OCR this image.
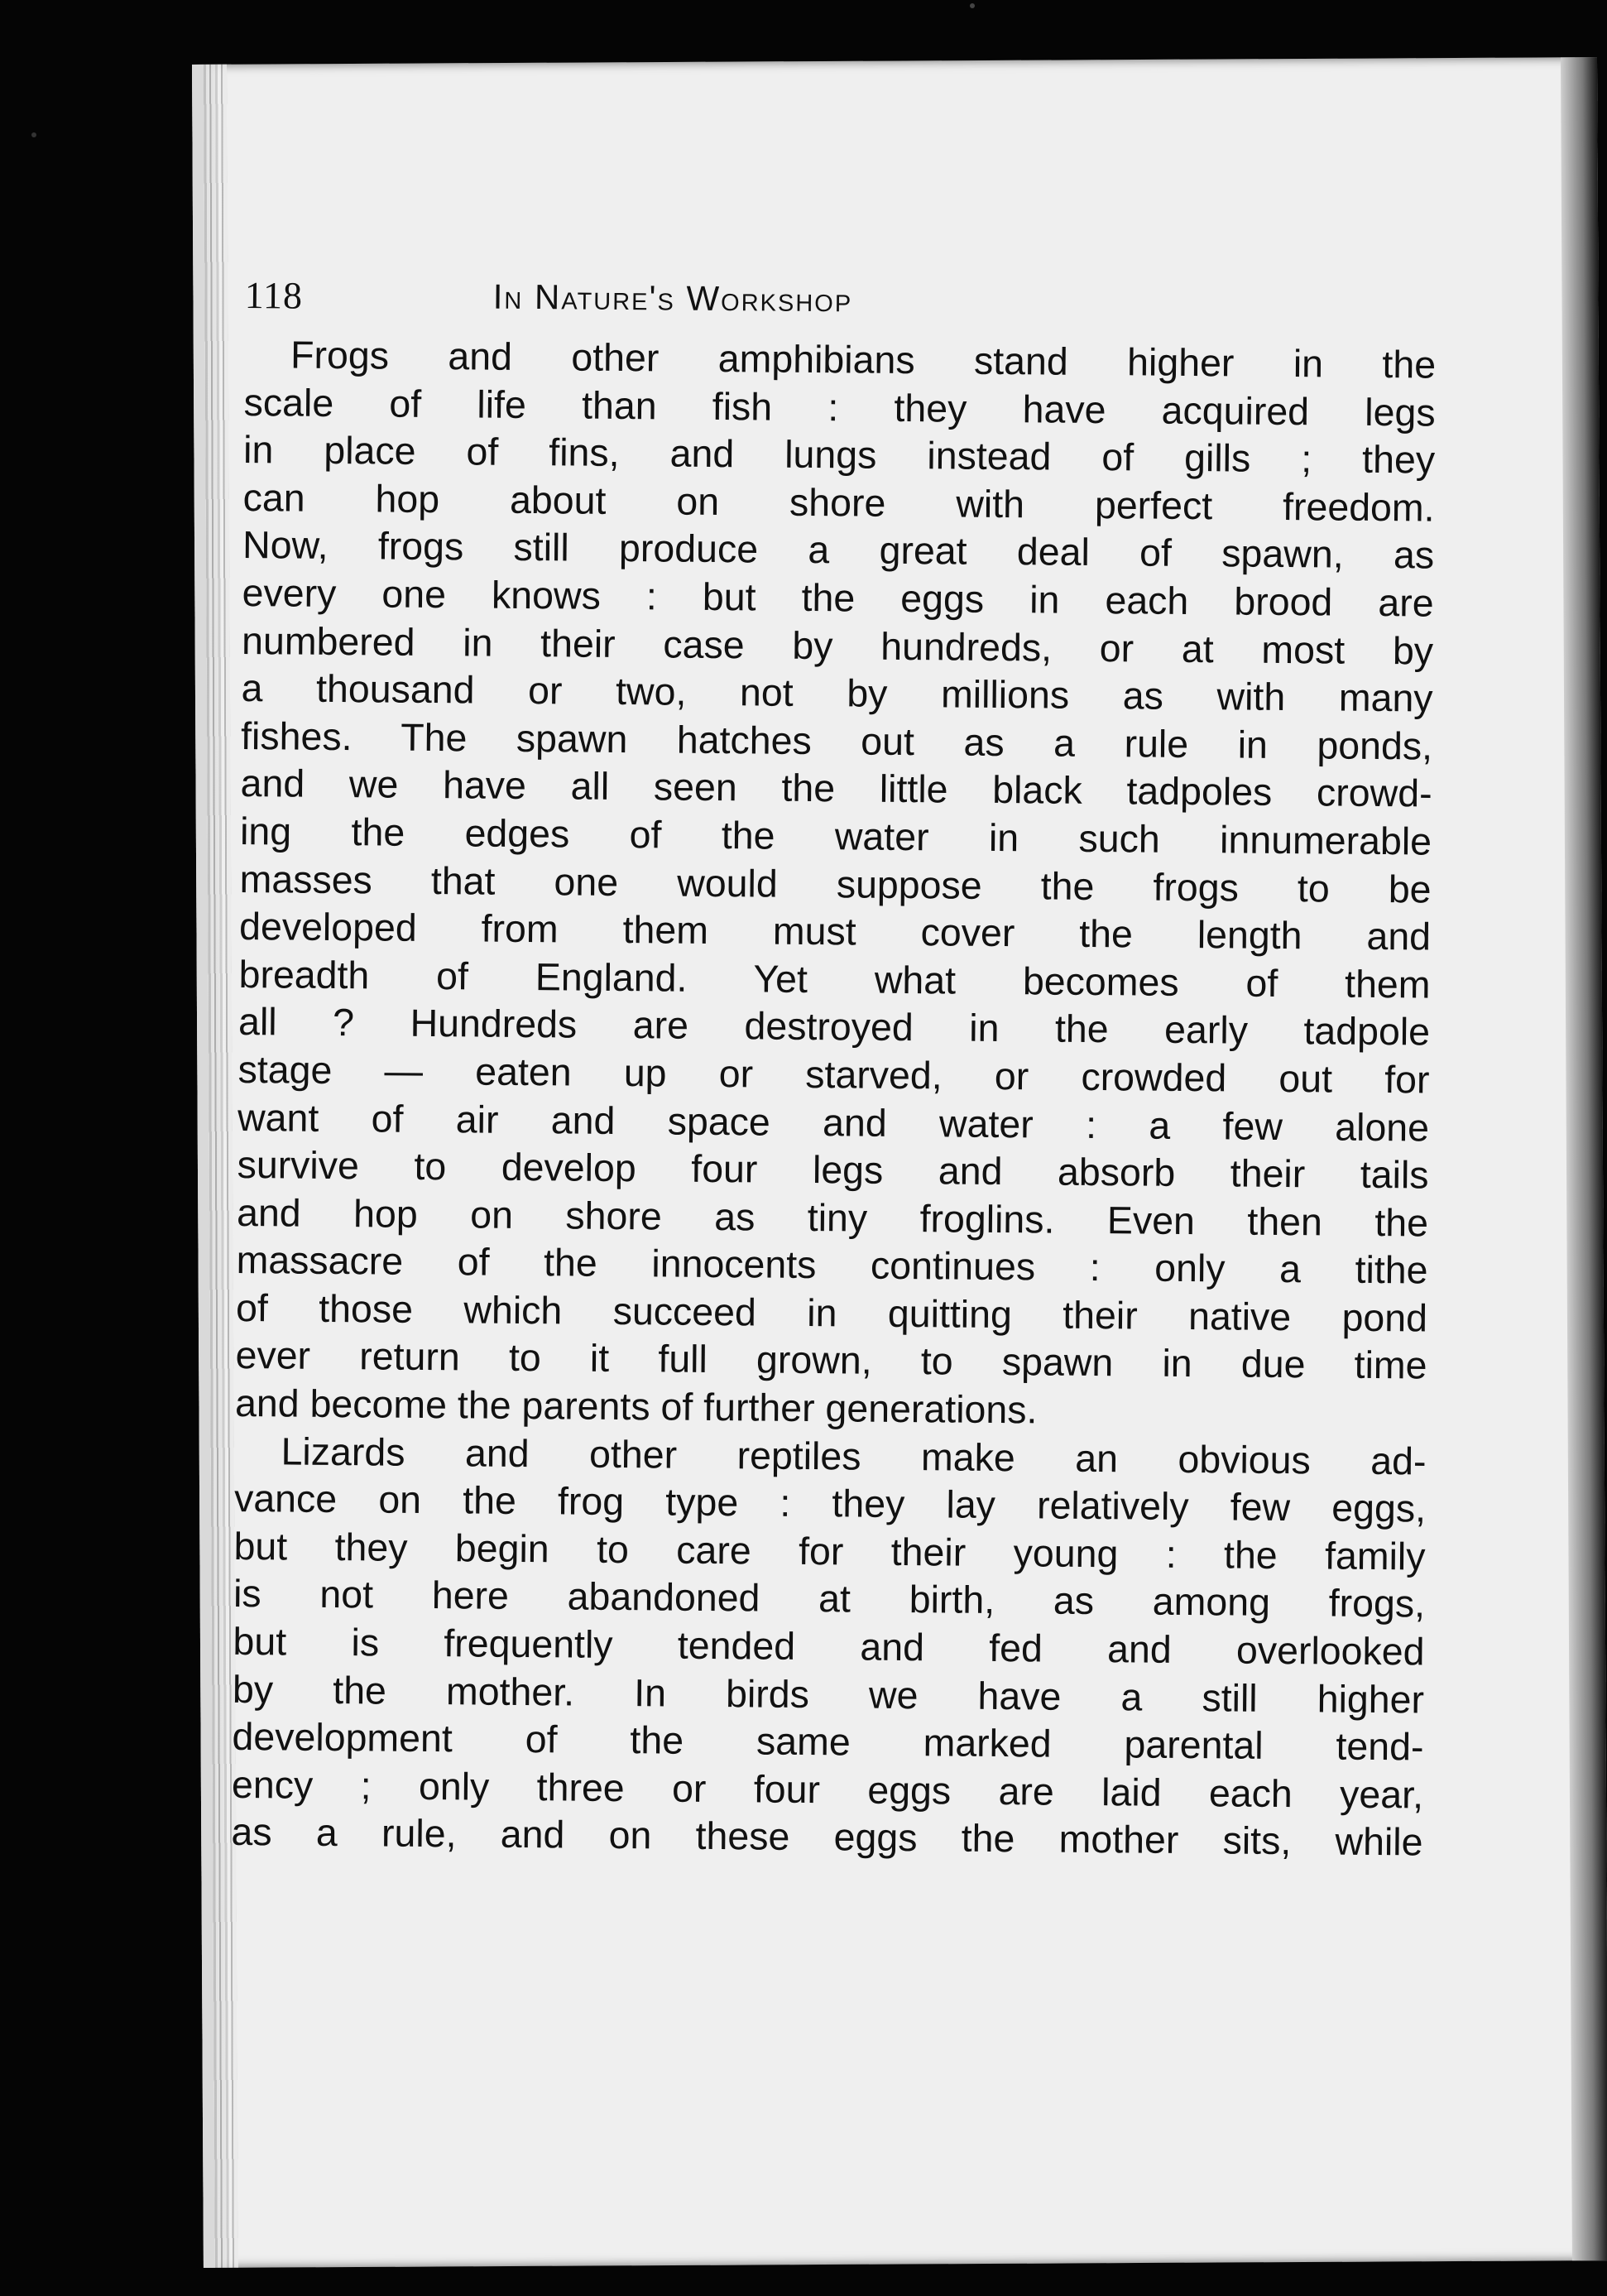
118	In Nature's Workshop
Frogs and other amphibians stand higher in the
scale of life than fish : they have acquired legs
in place of fins, and lungs instead of gills ; they
can hop about on shore with perfect freedom.
Now, frogs still produce a great deal of spawn, as
every one knows : but the eggs in each brood are
numbered in their case by hundreds, or at most by
a thousand or two, not by millions as with many
fishes. The spawn hatches out as a rule in ponds,
and we have all seen the little black tadpoles crowd-
ing the edges of the water in such innumerable
masses that one would suppose the frogs to be
developed from them must cover the length and
breadth of England. Yet what becomes of them
all ? Hundreds are destroyed in the early tadpole
stage — eaten up or starved, or crowded out for
want of air and space and water : a few alone
survive to develop four legs and absorb their tails
and hop on shore as tiny froglins. Even then the
massacre of the innocents continues : only a tithe
of those which succeed in quitting their native pond
ever return to it full grown, to spawn in due time
and become the parents of further generations.
Lizards and other reptiles make an obvious ad-
vance on the frog type : they lay relatively few eggs,
but they begin to care for their young : the family
is not here abandoned at birth, as among frogs,
but is frequently tended and fed and overlooked
by the mother. In birds we have a still higher
development of the same marked parental tend-
ency ; only three or four eggs are laid each year,
as a rule, and on these eggs the mother sits, while
